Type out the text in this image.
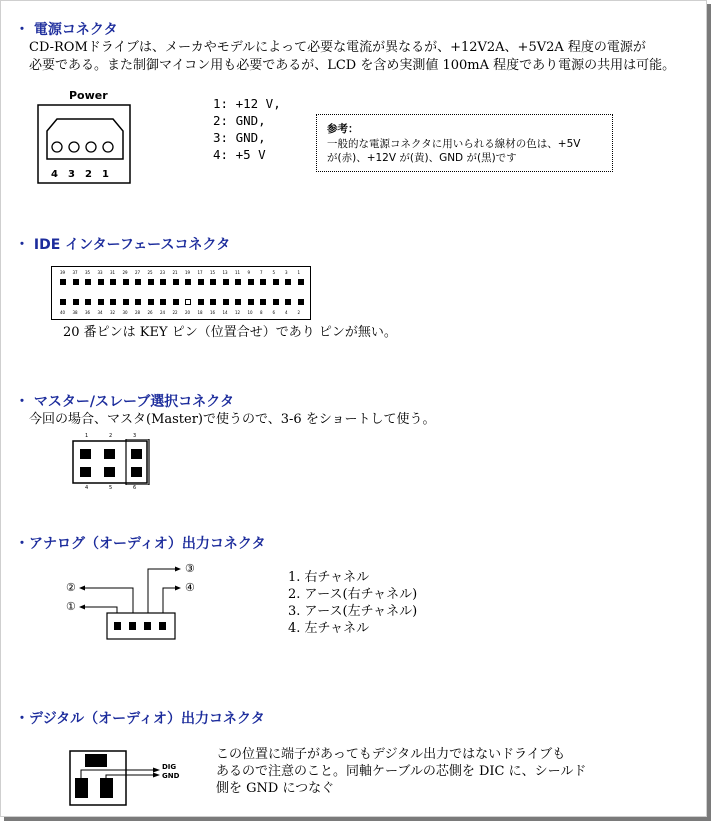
・ 電源コネクタ
CD-ROMドライブは、メーカやモデルによって必要な電流が異なるが、+12V2A、+5V2A 程度の電源が
必要である。また制御マイコン用も必要であるが、LCD を含め実測値 100mA 程度であり電源の共用は可能。
Power
4 3 2 1
1: +12 V,
2: GND,
3: GND,
4: +5 V
参考：
一般的な電源コネクタに用いられる線材の色は、+5V
が(赤)、+12V が(黄)、GND が(黒)です
・ IDE インターフェースコネクタ
39 37 35 33 31 29 27 25 23 21 19 17 15 13 11 9 7 5 3 1
40 38 36 34 32 30 28 26 24 22 20 18 16 14 12 10 8 6 4 2
20 番ピンは KEY ピン（位置合せ）であり ピンが無い。
・ マスター/スレーブ選択コネクタ
今回の場合、マスタ(Master)で使うので、3-6 をショートして使う。
1	2	3
4	5	6
・アナログ（オーディオ）出力コネクタ
①
②
③
④
1. 右チャネル
2. アース(右チャネル)
3. アース(左チャネル)
4. 左チャネル
・デジタル（オーディオ）出力コネクタ
DIG
GND
この位置に端子があってもデジタル出力ではないドライブも
あるので注意のこと。同軸ケーブルの芯側を DIC に、シールド
側を GND につなぐ
